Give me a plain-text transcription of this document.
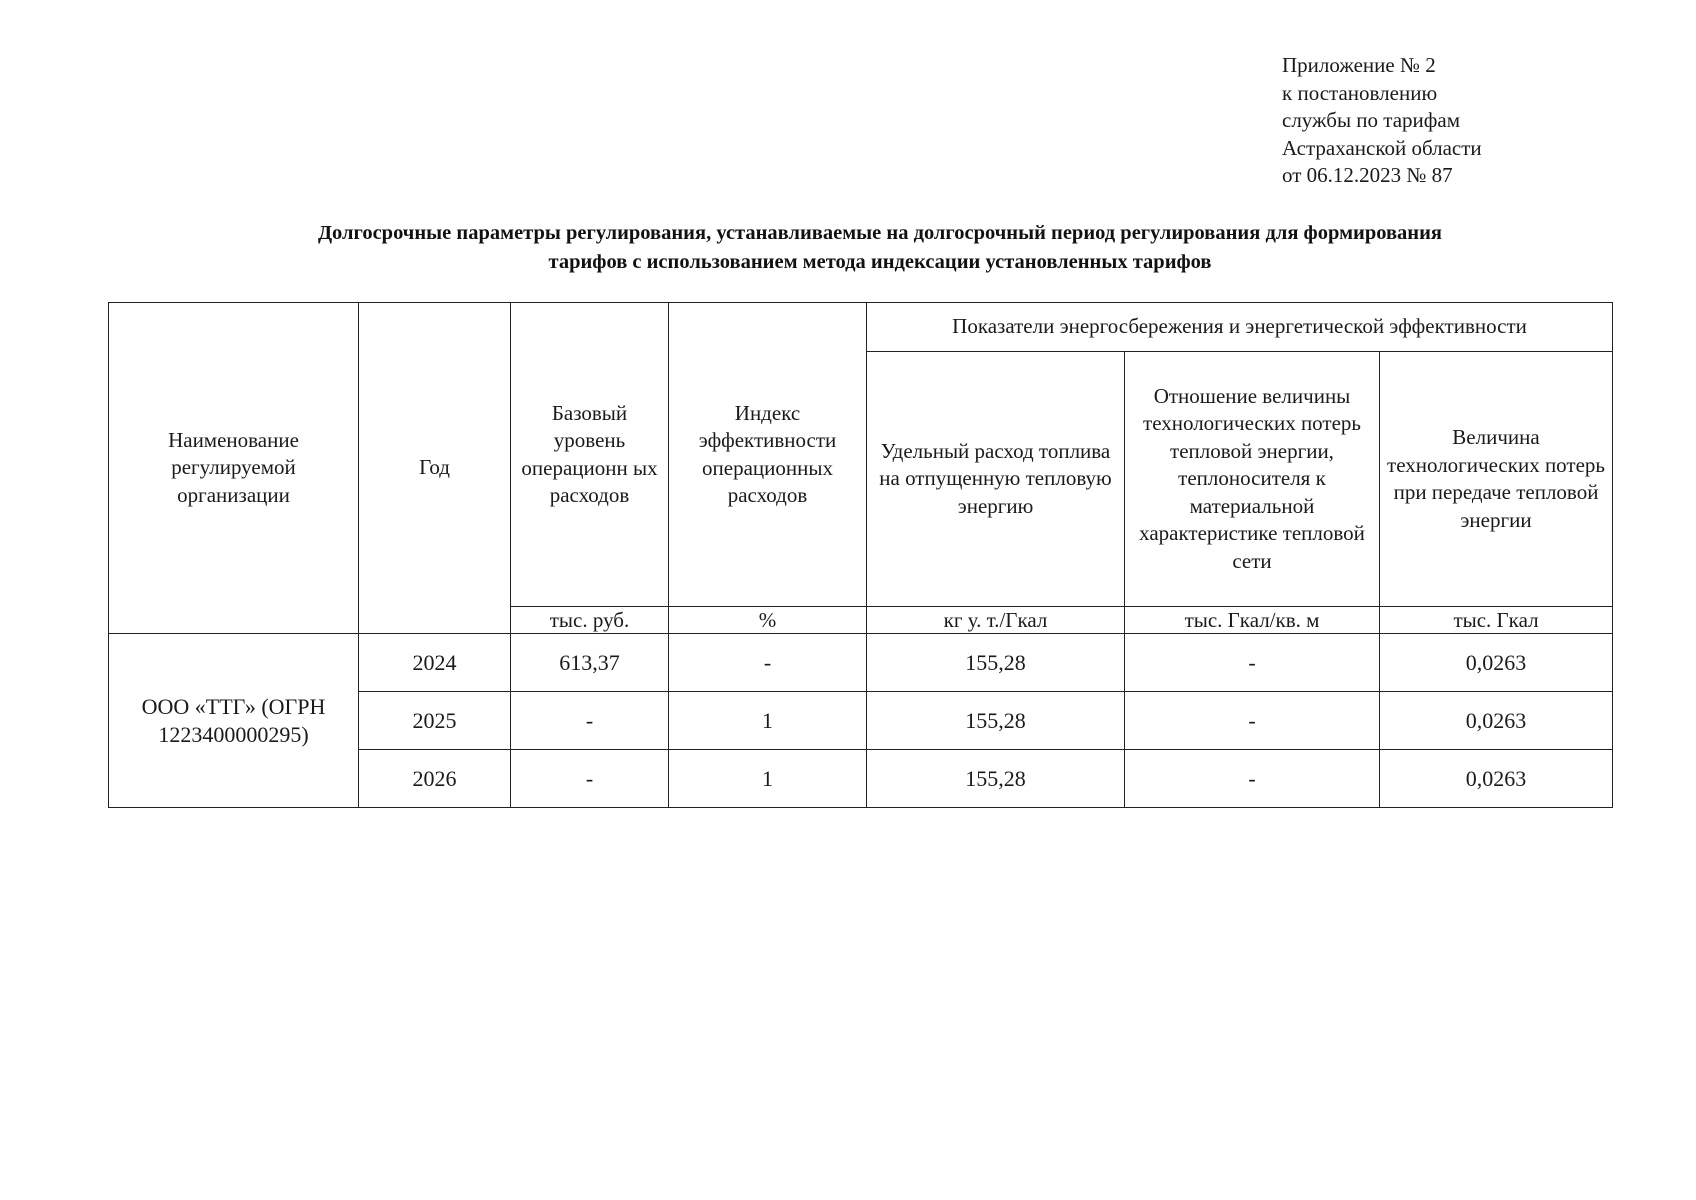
Приложение № 2
к постановлению
службы по тарифам
Астраханской области
от 06.12.2023 № 87
Долгосрочные параметры регулирования, устанавливаемые на долгосрочный период регулирования для формирования
тарифов с использованием метода индексации установленных тарифов
Наименование регулируемой организации	Год	Базовый уровень операционн ых расходов	Индекс эффективности операционных расходов	Показатели энергосбережения и энергетической эффективности		

				Удельный расход топлива на отпущенную тепловую энергию	Отношение величины технологических потерь тепловой энергии, теплоносителя к материальной характеристике тепловой сети	Величина технологических потерь при передаче тепловой энергии

		тыс. руб.	%	кг у. т./Гкал	тыс. Гкал/кв. м	тыс. Гкал

ООО «ТТГ» (ОГРН 1223400000295)	2024	613,37	-	155,28	-	0,0263
	2025	-	1	155,28	-	0,0263
	2026	-	1	155,28	-	0,0263
